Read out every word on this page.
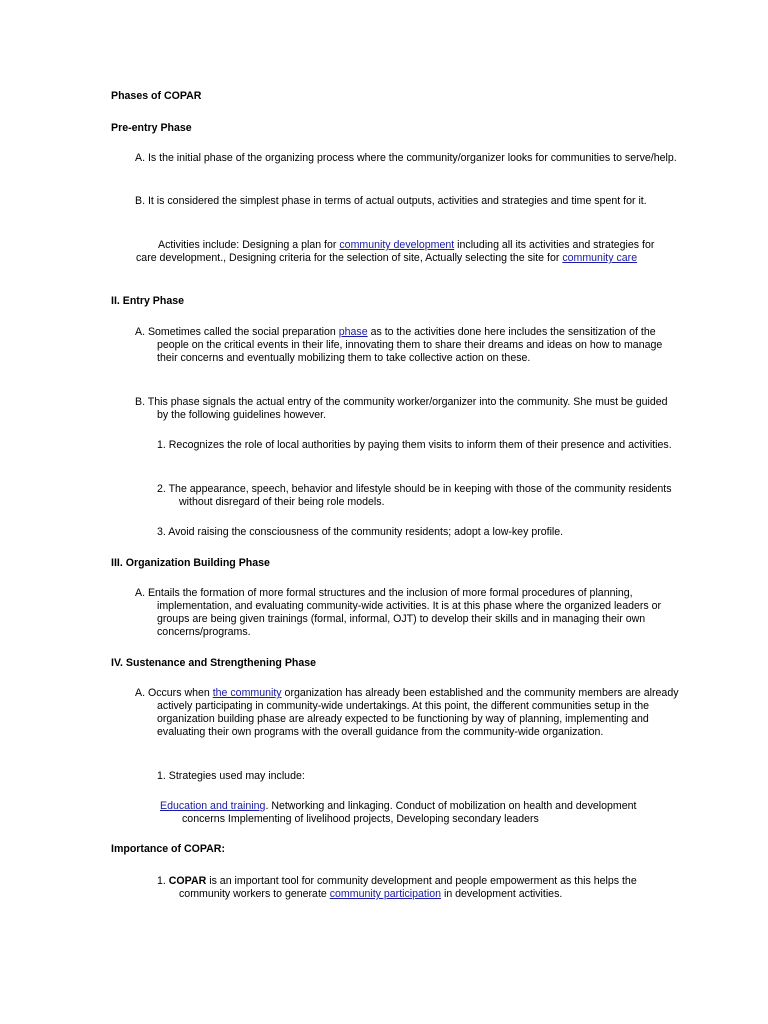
Phases of COPAR
Pre-entry Phase

A. Is the initial phase of the organizing process where the community/organizer looks for communities to serve/help.

B. It is considered the simplest phase in terms of actual outputs, activities and strategies and time spent for it.

Activities include: Designing a plan for community development including all its activities and strategies for care development., Designing criteria for the selection of site, Actually selecting the site for community care

II. Entry Phase

A. Sometimes called the social preparation phase as to the activities done here includes the sensitization of the people on the critical events in their life, innovating them to share their dreams and ideas on how to manage their concerns and eventually mobilizing them to take collective action on these.

B. This phase signals the actual entry of the community worker/organizer into the community. She must be guided by the following guidelines however.

1. Recognizes the role of local authorities by paying them visits to inform them of their presence and activities.

2. The appearance, speech, behavior and lifestyle should be in keeping with those of the community residents without disregard of their being role models.

3. Avoid raising the consciousness of the community residents; adopt a low-key profile.

III. Organization Building Phase

A. Entails the formation of more formal structures and the inclusion of more formal procedures of planning, implementation, and evaluating community-wide activities. It is at this phase where the organized leaders or groups are being given trainings (formal, informal, OJT) to develop their skills and in managing their own concerns/programs.

IV. Sustenance and Strengthening Phase

A. Occurs when the community organization has already been established and the community members are already actively participating in community-wide undertakings. At this point, the different communities setup in the organization building phase are already expected to be functioning by way of planning, implementing and evaluating their own programs with the overall guidance from the community-wide organization.

1. Strategies used may include:

Education and training. Networking and linkaging. Conduct of mobilization on health and development concerns Implementing of livelihood projects, Developing secondary leaders

Importance of COPAR:

1. COPAR is an important tool for community development and people empowerment as this helps the community workers to generate community participation in development activities.
